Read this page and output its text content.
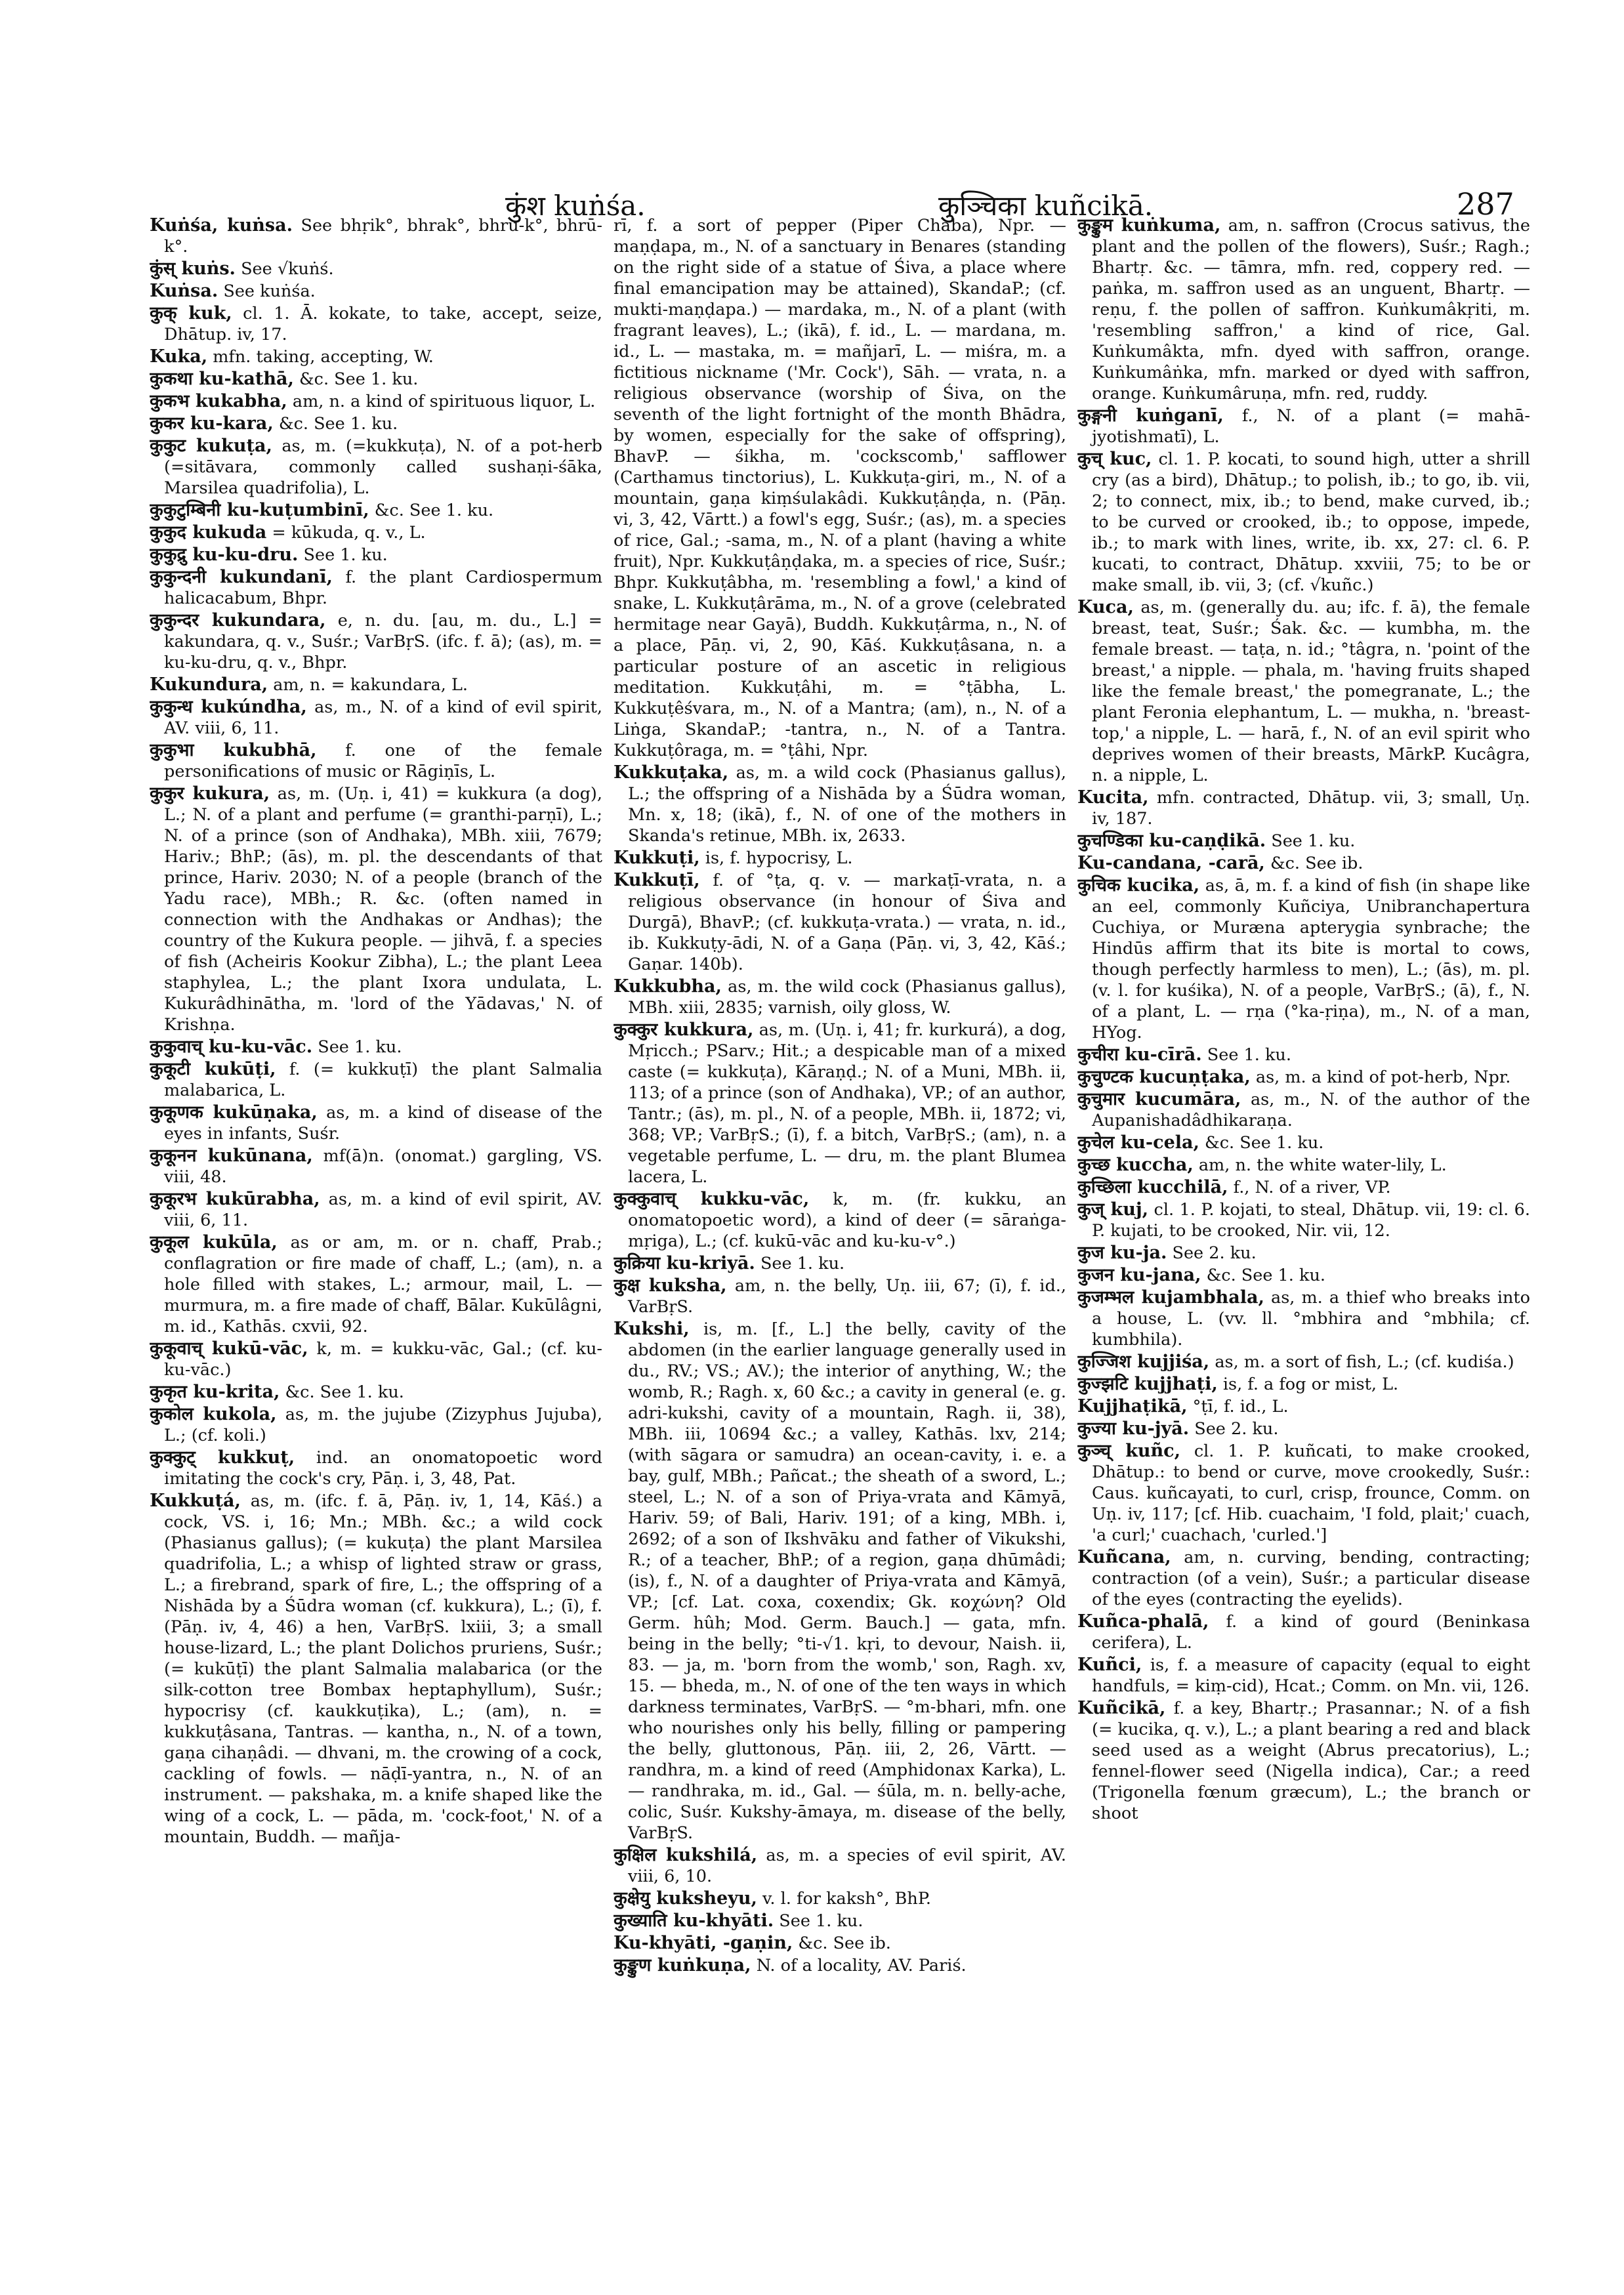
कुंश kuṅśa.	कुञ्चिका kuñcikā.	287

Kuṅśa, kuṅsa. See bhṛik°, bhrak°, bhru-k°, bhrū-k°.

कुंस् kuṅs. See √kuṅś.

Kuṅsa. See kuṅśa.

कुक् kuk, cl. 1. Ā. kokate, to take, accept, seize, Dhātup. iv, 17.

Kuka, mfn. taking, accepting, W.

कुकथा ku-kathā, &c. See 1. ku.

कुकभ kukabha, am, n. a kind of spirituous liquor, L.

कुकर ku-kara, &c. See 1. ku.

कुकुट kukuṭa, as, m. (=kukkuṭa), N. of a pot-herb (=sitāvara, commonly called sushaṇi-śāka, Marsilea quadrifolia), L.

कुकुटुम्बिनी ku-kuṭumbinī, &c. See 1. ku.

कुकुद kukuda = kūkuda, q. v., L.

कुकुद्रु ku-ku-dru. See 1. ku.

कुकुन्दनी kukundanī, f. the plant Cardiospermum halicacabum, Bhpr.

कुकुन्दर kukundara, e, n. du. [au, m. du., L.] = kakundara, q. v., Suśr.; VarBṛS. (ifc. f. ā); (as), m. = ku-ku-dru, q. v., Bhpr.

Kukundura, am, n. = kakundara, L.

कुकुन्ध kukúndha, as, m., N. of a kind of evil spirit, AV. viii, 6, 11.

कुकुभा kukubhā, f. one of the female personifications of music or Rāgiṇīs, L.

कुकुर kukura, as, m. (Uṇ. i, 41) = kukkura (a dog), L.; N. of a plant and perfume (= granthi-parṇī), L.; N. of a prince (son of Andhaka), MBh. xiii, 7679; Hariv.; BhP.; (ās), m. pl. the descendants of that prince, Hariv. 2030; N. of a people (branch of the Yadu race), MBh.; R. &c. (often named in connection with the Andhakas or Andhas); the country of the Kukura people. — jihvā, f. a species of fish (Acheiris Kookur Zibha), L.; the plant Leea staphylea, L.; the plant Ixora undulata, L. Kukurâdhinātha, m. 'lord of the Yādavas,' N. of Krishṇa.

कुकुवाच् ku-ku-vāc. See 1. ku.

कुकूटी kukūṭi, f. (= kukkuṭī) the plant Salmalia malabarica, L.

कुकूणक kukūṇaka, as, m. a kind of disease of the eyes in infants, Suśr.

कुकूनन kukūnana, mf(ā)n. (onomat.) gargling, VS. viii, 48.

कुकूरभ kukūrabha, as, m. a kind of evil spirit, AV. viii, 6, 11.

कुकूल kukūla, as or am, m. or n. chaff, Prab.; conflagration or fire made of chaff, L.; (am), n. a hole filled with stakes, L.; armour, mail, L. — murmura, m. a fire made of chaff, Bālar. Kukūlâgni, m. id., Kathās. cxvii, 92.

कुकूवाच् kukū-vāc, k, m. = kukku-vāc, Gal.; (cf. ku-ku-vāc.)

कुकृत ku-krita, &c. See 1. ku.

कुकोल kukola, as, m. the jujube (Zizyphus Jujuba), L.; (cf. koli.)

कुक्कुट् kukkuṭ, ind. an onomatopoetic word imitating the cock's cry, Pāṇ. i, 3, 48, Pat.

Kukkuṭá, as, m. (ifc. f. ā, Pāṇ. iv, 1, 14, Kāś.) a cock, VS. i, 16; Mn.; MBh. &c.; a wild cock (Phasianus gallus); (= kukuṭa) the plant Marsilea quadrifolia, L.; a whisp of lighted straw or grass, L.; a firebrand, spark of fire, L.; the offspring of a Nishāda by a Śūdra woman (cf. kukkura), L.; (ī), f. (Pāṇ. iv, 4, 46) a hen, VarBṛS. lxiii, 3; a small house-lizard, L.; the plant Dolichos pruriens, Suśr.; (= kukūṭī) the plant Salmalia malabarica (or the silk-cotton tree Bombax heptaphyllum), Suśr.; hypocrisy (cf. kaukkuṭika), L.; (am), n. = kukkuṭâsana, Tantras. — kantha, n., N. of a town, gaṇa cihaṇâdi. — dhvani, m. the crowing of a cock, cackling of fowls. — nāḍī-yantra, n., N. of an instrument. — pakshaka, m. a knife shaped like the wing of a cock, L. — pāda, m. 'cock-foot,' N. of a mountain, Buddh. — mañja-

rī, f. a sort of pepper (Piper Chaba), Npr. — maṇḍapa, m., N. of a sanctuary in Benares (standing on the right side of a statue of Śiva, a place where final emancipation may be attained), SkandaP.; (cf. mukti-maṇḍapa.) — mardaka, m., N. of a plant (with fragrant leaves), L.; (ikā), f. id., L. — mardana, m. id., L. — mastaka, m. = mañjarī, L. — miśra, m. a fictitious nickname ('Mr. Cock'), Sāh. — vrata, n. a religious observance (worship of Śiva, on the seventh of the light fortnight of the month Bhādra, by women, especially for the sake of offspring), BhavP. — śikha, m. 'cockscomb,' safflower (Carthamus tinctorius), L. Kukkuṭa-giri, m., N. of a mountain, gaṇa kiṃśulakâdi. Kukkuṭâṇḍa, n. (Pāṇ. vi, 3, 42, Vārtt.) a fowl's egg, Suśr.; (as), m. a species of rice, Gal.; -sama, m., N. of a plant (having a white fruit), Npr. Kukkuṭâṇḍaka, m. a species of rice, Suśr.; Bhpr. Kukkuṭâbha, m. 'resembling a fowl,' a kind of snake, L. Kukkuṭârāma, m., N. of a grove (celebrated hermitage near Gayā), Buddh. Kukkuṭârma, n., N. of a place, Pāṇ. vi, 2, 90, Kāś. Kukkuṭâsana, n. a particular posture of an ascetic in religious meditation. Kukkuṭâhi, m. = °ṭābha, L. Kukkuṭêśvara, m., N. of a Mantra; (am), n., N. of a Liṅga, SkandaP.; -tantra, n., N. of a Tantra. Kukkuṭôraga, m. = °ṭâhi, Npr.

Kukkuṭaka, as, m. a wild cock (Phasianus gallus), L.; the offspring of a Nishāda by a Śūdra woman, Mn. x, 18; (ikā), f., N. of one of the mothers in Skanda's retinue, MBh. ix, 2633.

Kukkuṭi, is, f. hypocrisy, L.

Kukkuṭī, f. of °ṭa, q. v. — markaṭī-vrata, n. a religious observance (in honour of Śiva and Durgā), BhavP.; (cf. kukkuṭa-vrata.) — vrata, n. id., ib. Kukkuṭy-ādi, N. of a Gaṇa (Pāṇ. vi, 3, 42, Kāś.; Gaṇar. 140b).

Kukkubha, as, m. the wild cock (Phasianus gallus), MBh. xiii, 2835; varnish, oily gloss, W.

कुक्कुर kukkura, as, m. (Uṇ. i, 41; fr. kurkurá), a dog, Mṛicch.; PSarv.; Hit.; a despicable man of a mixed caste (= kukkuṭa), Kāraṇḍ.; N. of a Muni, MBh. ii, 113; of a prince (son of Andhaka), VP.; of an author, Tantr.; (ās), m. pl., N. of a people, MBh. ii, 1872; vi, 368; VP.; VarBṛS.; (ī), f. a bitch, VarBṛS.; (am), n. a vegetable perfume, L. — dru, m. the plant Blumea lacera, L.

कुक्कुवाच् kukku-vāc, k, m. (fr. kukku, an onomatopoetic word), a kind of deer (= sāraṅga-mṛiga), L.; (cf. kukū-vāc and ku-ku-v°.)

कुक्रिया ku-kriyā. See 1. ku.

कुक्ष kuksha, am, n. the belly, Uṇ. iii, 67; (ī), f. id., VarBṛS.

Kukshi, is, m. [f., L.] the belly, cavity of the abdomen (in the earlier language generally used in du., RV.; VS.; AV.); the interior of anything, W.; the womb, R.; Ragh. x, 60 &c.; a cavity in general (e. g. adri-kukshi, cavity of a mountain, Ragh. ii, 38), MBh. iii, 10694 &c.; a valley, Kathās. lxv, 214; (with sāgara or samudra) an ocean-cavity, i. e. a bay, gulf, MBh.; Pañcat.; the sheath of a sword, L.; steel, L.; N. of a son of Priya-vrata and Kāmyā, Hariv. 59; of Bali, Hariv. 191; of a king, MBh. i, 2692; of a son of Ikshvāku and father of Vikukshi, R.; of a teacher, BhP.; of a region, gaṇa dhūmâdi; (is), f., N. of a daughter of Priya-vrata and Kāmyā, VP.; [cf. Lat. coxa, coxendix; Gk. κοχώνη? Old Germ. hûh; Mod. Germ. Bauch.] — gata, mfn. being in the belly; °ti-√1. kṛi, to devour, Naish. ii, 83. — ja, m. 'born from the womb,' son, Ragh. xv, 15. — bheda, m., N. of one of the ten ways in which darkness terminates, VarBṛS. — °m-bhari, mfn. one who nourishes only his belly, filling or pampering the belly, gluttonous, Pāṇ. iii, 2, 26, Vārtt. — randhra, m. a kind of reed (Amphidonax Karka), L. — randhraka, m. id., Gal. — śūla, m. n. belly-ache, colic, Suśr. Kukshy-āmaya, m. disease of the belly, VarBṛS.

कुक्षिल kukshilá, as, m. a species of evil spirit, AV. viii, 6, 10.

कुक्षेयु kuksheyu, v. l. for kaksh°, BhP.

कुख्याति ku-khyāti. See 1. ku.

Ku-khyāti, -gaṇin, &c. See ib.

कुङ्कुण kuṅkuṇa, N. of a locality, AV. Pariś.

कुङ्कुम kuṅkuma, am, n. saffron (Crocus sativus, the plant and the pollen of the flowers), Suśr.; Ragh.; Bhartṛ. &c. — tāmra, mfn. red, coppery red. — paṅka, m. saffron used as an unguent, Bhartṛ. — reṇu, f. the pollen of saffron. Kuṅkumâkṛiti, m. 'resembling saffron,' a kind of rice, Gal. Kuṅkumâkta, mfn. dyed with saffron, orange. Kuṅkumâṅka, mfn. marked or dyed with saffron, orange. Kuṅkumâruṇa, mfn. red, ruddy.

कुङ्गनी kuṅganī, f., N. of a plant (= mahā-jyotishmatī), L.

कुच् kuc, cl. 1. P. kocati, to sound high, utter a shrill cry (as a bird), Dhātup.; to polish, ib.; to go, ib. vii, 2; to connect, mix, ib.; to bend, make curved, ib.; to be curved or crooked, ib.; to oppose, impede, ib.; to mark with lines, write, ib. xx, 27: cl. 6. P. kucati, to contract, Dhātup. xxviii, 75; to be or make small, ib. vii, 3; (cf. √kuñc.)

Kuca, as, m. (generally du. au; ifc. f. ā), the female breast, teat, Suśr.; Śak. &c. — kumbha, m. the female breast. — taṭa, n. id.; °tâgra, n. 'point of the breast,' a nipple. — phala, m. 'having fruits shaped like the female breast,' the pomegranate, L.; the plant Feronia elephantum, L. — mukha, n. 'breast-top,' a nipple, L. — harā, f., N. of an evil spirit who deprives women of their breasts, MārkP. Kucâgra, n. a nipple, L.

Kucita, mfn. contracted, Dhātup. vii, 3; small, Uṇ. iv, 187.

कुचण्डिका ku-caṇḍikā. See 1. ku.

Ku-candana, -carā, &c. See ib.

कुचिक kucika, as, ā, m. f. a kind of fish (in shape like an eel, commonly Kuñciya, Unibranchapertura Cuchiya, or Muræna apterygia synbrache; the Hindūs affirm that its bite is mortal to cows, though perfectly harmless to men), L.; (ās), m. pl. (v. l. for kuśika), N. of a people, VarBṛS.; (ā), f., N. of a plant, L. — rṇa (°ka-ṛiṇa), m., N. of a man, HYog.

कुचीरा ku-cīrā. See 1. ku.

कुचुण्टक kucuṇṭaka, as, m. a kind of pot-herb, Npr.

कुचुमार kucumāra, as, m., N. of the author of the Aupanishadâdhikaraṇa.

कुचेल ku-cela, &c. See 1. ku.

कुच्छ kuccha, am, n. the white water-lily, L.

कुच्छिला kucchilā, f., N. of a river, VP.

कुज् kuj, cl. 1. P. kojati, to steal, Dhātup. vii, 19: cl. 6. P. kujati, to be crooked, Nir. vii, 12.

कुज ku-ja. See 2. ku.

कुजन ku-jana, &c. See 1. ku.

कुजम्भल kujambhala, as, m. a thief who breaks into a house, L. (vv. ll. °mbhira and °mbhila; cf. kumbhila).

कुज्जिश kujjiśa, as, m. a sort of fish, L.; (cf. kudiśa.)

कुज्झटि kujjhaṭi, is, f. a fog or mist, L.

Kujjhaṭikā, °ṭī, f. id., L.

कुज्या ku-jyā. See 2. ku.

कुञ्च् kuñc, cl. 1. P. kuñcati, to make crooked, Dhātup.: to bend or curve, move crookedly, Suśr.: Caus. kuñcayati, to curl, crisp, frounce, Comm. on Uṇ. iv, 117; [cf. Hib. cuachaim, 'I fold, plait;' cuach, 'a curl;' cuachach, 'curled.']

Kuñcana, am, n. curving, bending, contracting; contraction (of a vein), Suśr.; a particular disease of the eyes (contracting the eyelids).

Kuñca-phalā, f. a kind of gourd (Beninkasa cerifera), L.

Kuñci, is, f. a measure of capacity (equal to eight handfuls, = kiṃ-cid), Hcat.; Comm. on Mn. vii, 126.

Kuñcikā, f. a key, Bhartṛ.; Prasannar.; N. of a fish (= kucika, q. v.), L.; a plant bearing a red and black seed used as a weight (Abrus precatorius), L.; fennel-flower seed (Nigella indica), Car.; a reed (Trigonella fœnum græcum), L.; the branch or shoot
